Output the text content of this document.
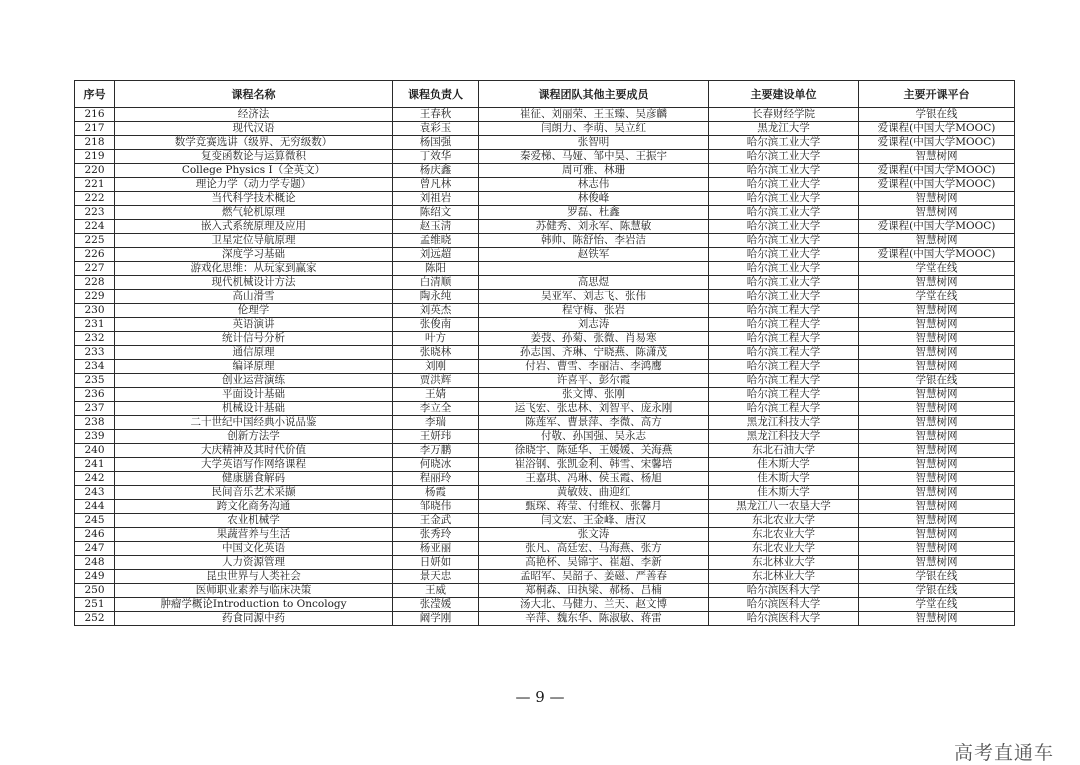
序号	课程名称	课程负责人	课程团队其他主要成员	主要建设单位	主要开课平台
216	经济法	王春秋	崔征、刘丽荣、王玉臻、吴彦麟	长春财经学院	学银在线
217	现代汉语	袁彩玉	闫朗力、李萌、吴立红	黑龙江大学	爱课程(中国大学MOOC)
218	数学竞赛选讲（级界、无穷级数）	杨国强	张智明	哈尔滨工业大学	爱课程(中国大学MOOC)
219	复变函数论与运算微积	丁效华	秦爱梯、马娅、邹中昊、王振宇	哈尔滨工业大学	智慧树网
220	College Physics I（全英文）	杨庆鑫	周可雅、林珊	哈尔滨工业大学	爱课程(中国大学MOOC)
221	理论力学（动力学专题）	曾凡林	林志伟	哈尔滨工业大学	爱课程(中国大学MOOC)
222	当代科学技术概论	刘祖岩	林俊峰	哈尔滨工业大学	智慧树网
223	燃气轮机原理	陈绍文	罗磊、杜鑫	哈尔滨工业大学	智慧树网
224	嵌入式系统原理及应用	赵玉淸	苏健秀、刘永军、陈慧敏	哈尔滨工业大学	爱课程(中国大学MOOC)
225	卫星定位导航原理	孟维晓	韩帅、陈舒怡、李岩洁	哈尔滨工业大学	智慧树网
226	深度学习基础	刘远超	赵铁军	哈尔滨工业大学	爱课程(中国大学MOOC)
227	游戏化思维：从玩家到赢家	陈阳		哈尔滨工业大学	学堂在线
228	现代机械设计方法	白清顺	高思煜	哈尔滨工业大学	智慧树网
229	高山滑雪	陶永纯	吴亚军、刘志飞、张伟	哈尔滨工业大学	学堂在线
230	伦理学	刘英杰	程守梅、张岩	哈尔滨工程大学	智慧树网
231	英语演讲	张俊南	刘志涛	哈尔滨工程大学	智慧树网
232	统计信号分析	叶方	姜弢、孙菊、张微、肖易寒	哈尔滨工程大学	智慧树网
233	通信原理	张晓林	孙志国、齐琳、宁晓燕、陈潇茂	哈尔滨工程大学	智慧树网
234	编译原理	刘刚	付岩、曹雪、李丽洁、李鸿鹰	哈尔滨工程大学	智慧树网
235	创业运营演练	贾洪辉	许喜平、彭尔霞	哈尔滨工程大学	学银在线
236	平面设计基础	王婧	张文博、张刚	哈尔滨工程大学	智慧树网
237	机械设计基础	李立全	运飞宏、张忠林、刘智平、庞永刚	哈尔滨工程大学	智慧树网
238	二十世纪中国经典小说品鉴	李瑞	陈莲军、曹景萍、李微、高方	黑龙江科技大学	智慧树网
239	创新方法学	王妍玮	付敬、孙国强、吴永志	黑龙江科技大学	智慧树网
240	大庆精神及其时代价值	李万鹏	徐晓宇、陈延华、王媛媛、关海燕	东北石油大学	智慧树网
241	大学英语写作网络课程	何晓冰	崔浴钢、张凯金利、韩雪、宋馨培	佳木斯大学	智慧树网
242	健康膳食解码	程丽玲	王嘉琪、冯琳、侯玉霞、杨旭	佳木斯大学	智慧树网
243	民间音乐艺术采撷	杨霞	黄敏妓、曲迎红	佳木斯大学	智慧树网
244	跨文化商务沟通	邹晓伟	甄琛、蒋莹、付维权、张馨月	黑龙江八一农垦大学	智慧树网
245	农业机械学	王金武	闫文宏、王金峰、唐汉	东北农业大学	智慧树网
246	果蔬营养与生活	张秀玲	张文涛	东北农业大学	智慧树网
247	中国文化英语	杨亚丽	张凡、高廷宏、马海燕、张方	东北农业大学	智慧树网
248	人力资源管理	日妍如	高艳杯、吴锦宇、崔超、李新	东北林业大学	智慧树网
249	昆虫世界与人类社会	景天忠	孟昭军、吴韶子、姜磁、严善春	东北林业大学	学银在线
250	医师职业素养与临床决策	王威	郑桐森、田执梁、郝杨、吕楠	哈尔滨医科大学	学银在线
251	肿瘤学概论Introduction to Oncology	张滢媛	汤大北、马健力、兰天、赵文博	哈尔滨医科大学	学堂在线
252	药食同源中药	阚学刚	辛萍、魏东华、陈淑敏、蒋雷	哈尔滨医科大学	智慧树网
— 9 —
高考直通车
